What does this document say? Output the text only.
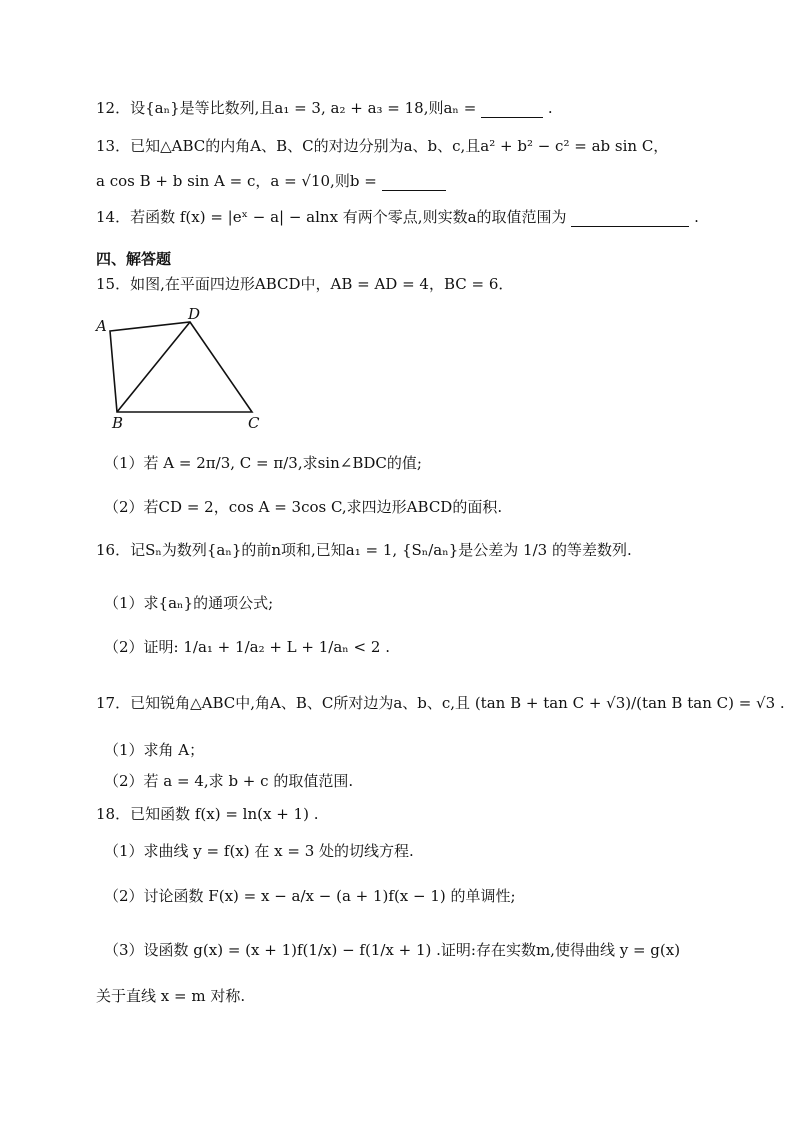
12．设{aₙ}是等比数列,且a₁ = 3, a₂ + a₃ = 18,则aₙ =	.
13．已知△ABC的内角A、B、C的对边分别为a、b、c,且a² + b² − c² = ab sin C，
a cos B + b sin A = c，a = √10,则b =
14．若函数 f(x) = |eˣ − a| − alnx 有两个零点,则实数a的取值范围为	.
四、解答题
15．如图,在平面四边形ABCD中，AB = AD = 4，BC = 6．
A
D
B	C
（1）若 A = 2π/3, C = π/3,求sin∠BDC的值;
（2）若CD = 2，cos A = 3cos C,求四边形ABCD的面积.
16．记Sₙ为数列{aₙ}的前n项和,已知a₁ = 1, {Sₙ/aₙ}是公差为 1/3 的等差数列.
（1）求{aₙ}的通项公式;
（2）证明: 1/a₁ + 1/a₂ + L + 1/aₙ < 2 .
17．已知锐角△ABC中,角A、B、C所对边为a、b、c,且 (tan B + tan C + √3)/(tan B tan C) = √3 .
（1）求角 A；
（2）若 a = 4,求 b + c 的取值范围.
18．已知函数 f(x) = ln(x + 1) .
（1）求曲线 y = f(x) 在 x = 3 处的切线方程.
（2）讨论函数 F(x) = x − a/x − (a + 1)f(x − 1) 的单调性;
（3）设函数 g(x) = (x + 1)f(1/x) − f(1/x + 1) .证明:存在实数m,使得曲线 y = g(x)
关于直线 x = m 对称.
